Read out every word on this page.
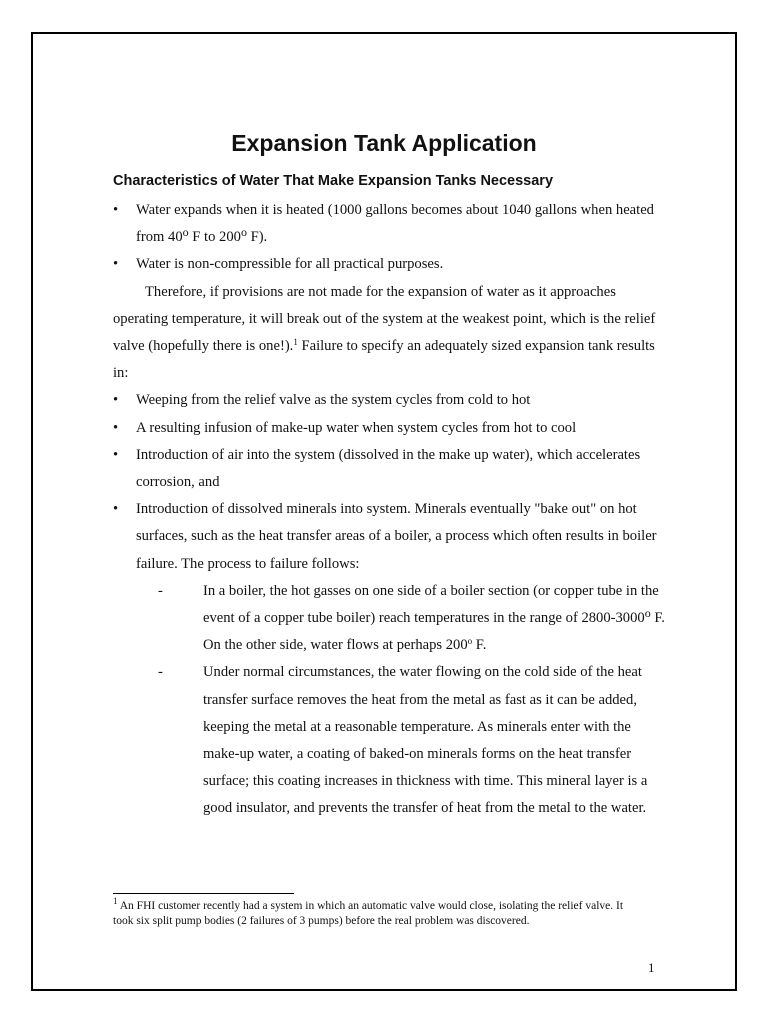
Expansion Tank Application
Characteristics of Water That Make Expansion Tanks Necessary
• Water expands when it is heated (1000 gallons becomes about 1040 gallons when heated from 40$^o$ F to 200$^o$ F).
• Water is non-compressible for all practical purposes.

Therefore, if provisions are not made for the expansion of water as it approaches operating temperature, it will break out of the system at the weakest point, which is the relief valve (hopefully there is one!).$^1$ Failure to specify an adequately sized expansion tank results in:

• Weeping from the relief valve as the system cycles from cold to hot
• A resulting infusion of make-up water when system cycles from hot to cool
• Introduction of air into the system (dissolved in the make up water), which accelerates corrosion, and
• Introduction of dissolved minerals into system. Minerals eventually "bake out" on hot surfaces, such as the heat transfer areas of a boiler, a process which often results in boiler failure. The process to failure follows:
-	In a boiler, the hot gasses on one side of a boiler section (or copper tube in the event of a copper tube boiler) reach temperatures in the range of 2800-3000$^o$ F. On the other side, water flows at perhaps 200$^o$ F.
-	Under normal circumstances, the water flowing on the cold side of the heat transfer surface removes the heat from the metal as fast as it can be added, keeping the metal at a reasonable temperature. As minerals enter with the make-up water, a coating of baked-on minerals forms on the heat transfer surface; this coating increases in thickness with time. This mineral layer is a good insulator, and prevents the transfer of heat from the metal to the water.
$^1$ An FHI customer recently had a system in which an automatic valve would close, isolating the relief valve. It took six split pump bodies (2 failures of 3 pumps) before the real problem was discovered.
1
